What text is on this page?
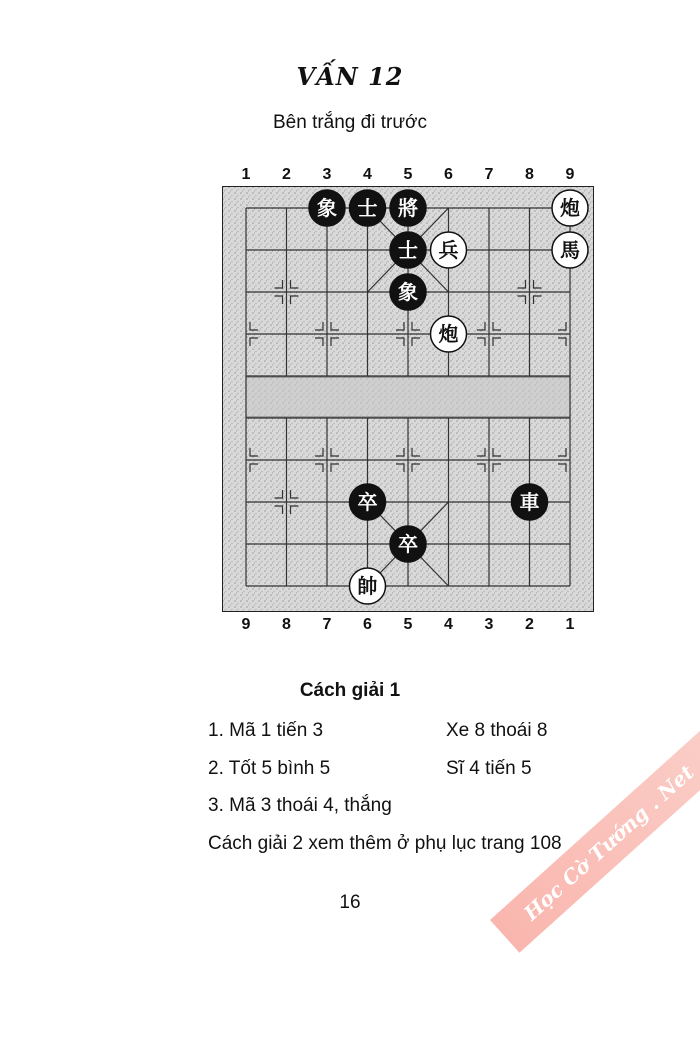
VẤN 12
Bên trắng đi trước
1	2	3	4	5	6	7	8	9
象 士 將	炮
士 兵	馬
象
炮
卒	車
卒
帥
9	8	7	6	5	4	3	2	1
Cách giải 1
1. Mã 1 tiến 3	Xe 8 thoái 8
2. Tốt 5 bình 5	Sĩ 4 tiến 5
3. Mã 3 thoái 4, thắng
Cách giải 2 xem thêm ở phụ lục trang 108
16	Học Cờ Tướng . Net
